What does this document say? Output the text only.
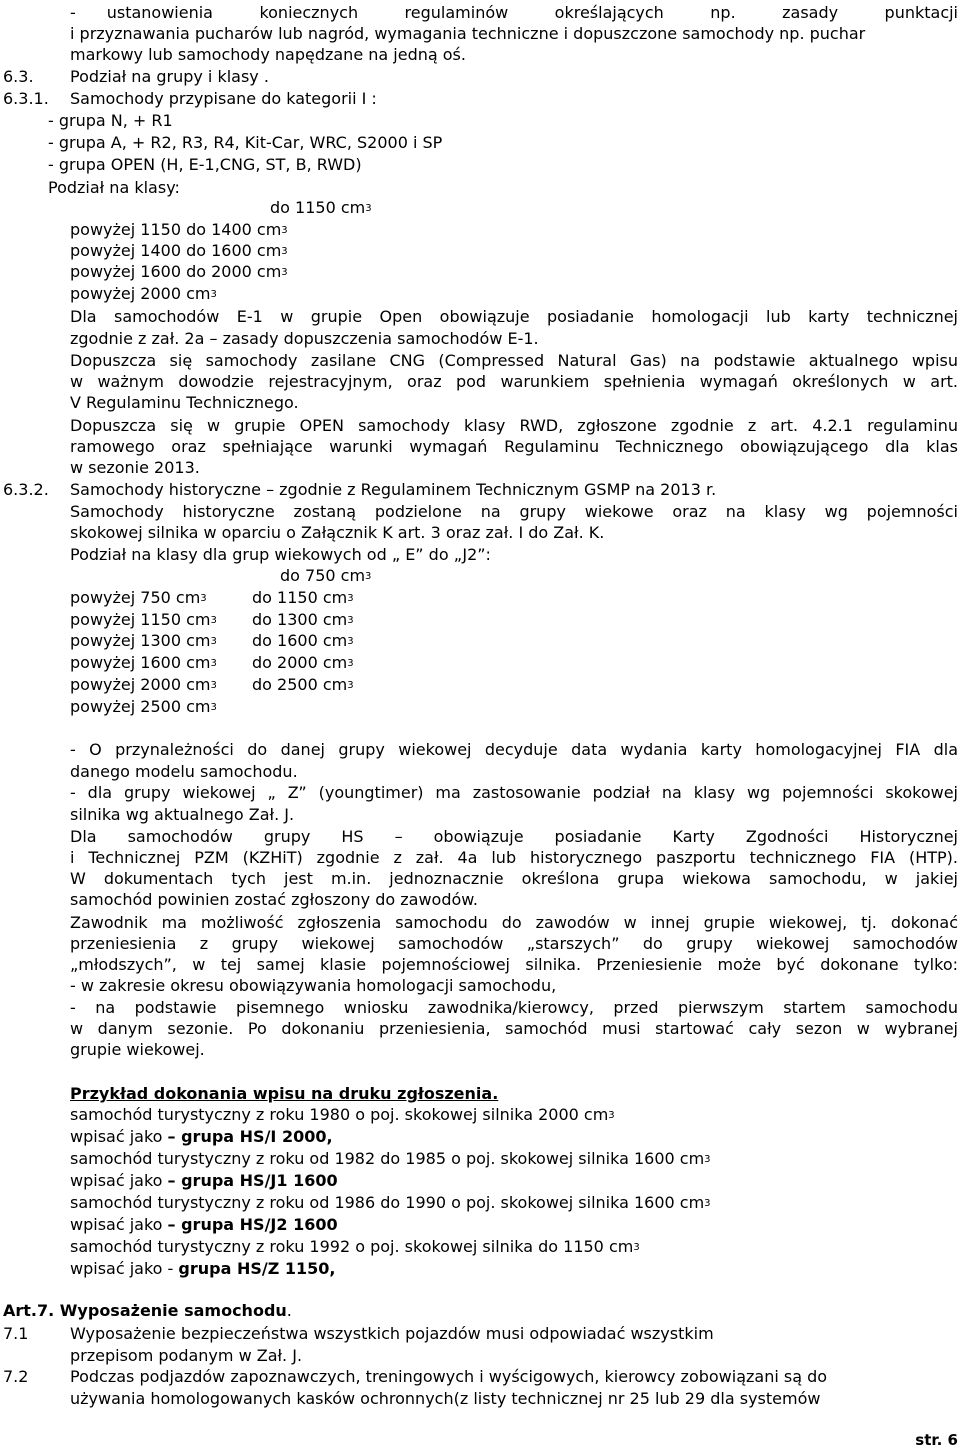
-  ustanowienia   koniecznych   regulaminów   określających   np.   zasady   punktacji
i przyznawania pucharów lub nagród, wymagania techniczne i dopuszczone samochody np. puchar
markowy lub samochody napędzane na jedną oś.
6.3. Podział na grupy i klasy .
6.3.1. Samochody przypisane do kategorii I :
- grupa N, + R1
- grupa A, + R2, R3, R4, Kit-Car, WRC, S2000 i SP
- grupa OPEN (H, E-1,CNG, ST, B, RWD)
Podział na klasy:
do 1150 $cm^3$
powyżej 1150 do 1400 $cm^3$
powyżej 1400 do 1600 $cm^3$
powyżej 1600 do 2000 $cm^3$
powyżej 2000 $cm^3$
Dla samochodów E-1 w grupie Open obowiązuje posiadanie homologacji lub karty technicznej
zgodnie z zał. 2a – zasady dopuszczenia samochodów E-1.
Dopuszcza się samochody zasilane CNG (Compressed Natural Gas) na podstawie aktualnego wpisu
w ważnym dowodzie rejestracyjnym, oraz pod warunkiem spełnienia wymagań określonych w art.
V Regulaminu Technicznego.
Dopuszcza się w grupie OPEN samochody klasy RWD, zgłoszone zgodnie z art. 4.2.1 regulaminu
ramowego oraz spełniające warunki wymagań Regulaminu Technicznego obowiązującego dla klas
w sezonie 2013.
6.3.2. Samochody historyczne – zgodnie z Regulaminem Technicznym GSMP na 2013 r.
Samochody historyczne zostaną podzielone na grupy wiekowe oraz na klasy wg pojemności
skokowej silnika w oparciu o Załącznik K art. 3 oraz zał. I do Zał. K.
Podział na klasy dla grup wiekowych od „ E” do „J2”:
do 750 $cm^3$
powyżej 750 $cm^3$	do 1150 $cm^3$
powyżej 1150 $cm^3$ do 1300 $cm^3$
powyżej 1300 $cm^3$ do 1600 $cm^3$
powyżej 1600 $cm^3$ do 2000 $cm^3$
powyżej 2000 $cm^3$ do 2500 $cm^3$
powyżej 2500 $cm^3$
- O przynależności do danej grupy wiekowej decyduje data wydania karty homologacyjnej FIA dla
danego modelu samochodu.
- dla grupy wiekowej „ Z” (youngtimer) ma zastosowanie podział na klasy wg pojemności skokowej
silnika wg aktualnego Zał. J.
Dla    samochodów    grupy    HS    –    obowiązuje    posiadanie    Karty    Zgodności    Historycznej
i Technicznej PZM (KZHiT) zgodnie z zał. 4a lub historycznego paszportu technicznego FIA (HTP).
W dokumentach tych jest m.in. jednoznacznie określona grupa wiekowa samochodu, w jakiej
samochód powinien zostać zgłoszony do zawodów.
Zawodnik ma możliwość zgłoszenia samochodu do zawodów w innej grupie wiekowej, tj. dokonać
przeniesienia   z   grupy   wiekowej   samochodów   „starszych”   do   grupy   wiekowej   samochodów
„młodszych”, w tej samej klasie pojemnościowej silnika. Przeniesienie może być dokonane tylko:
- w zakresie okresu obowiązywania homologacji samochodu,
- na podstawie pisemnego wniosku zawodnika/kierowcy, przed pierwszym startem samochodu
w danym sezonie. Po dokonaniu przeniesienia, samochód musi startować cały sezon w wybranej
grupie wiekowej.
Przykład dokonania wpisu na druku zgłoszenia.
samochód turystyczny z roku 1980 o poj. skokowej silnika 2000 $cm^3$
wpisać jako – grupa HS/I 2000,
samochód turystyczny z roku od 1982 do 1985 o poj. skokowej silnika 1600 $cm^3$
wpisać jako – grupa HS/J1 1600
samochód turystyczny z roku od 1986 do 1990 o poj. skokowej silnika 1600 $cm^3$
wpisać jako – grupa HS/J2 1600
samochód turystyczny z roku 1992 o poj. skokowej silnika do 1150 $cm^3$
wpisać jako - grupa HS/Z 1150,
Art.7. Wyposażenie samochodu.
7.1	Wyposażenie bezpieczeństwa wszystkich pojazdów musi odpowiadać wszystkim
przepisom podanym w Zał. J.
7.2	Podczas podjazdów zapoznawczych, treningowych i wyścigowych, kierowcy zobowiązani są do
używania homologowanych kasków ochronnych(z listy technicznej nr 25 lub 29 dla systemów
str. 6
